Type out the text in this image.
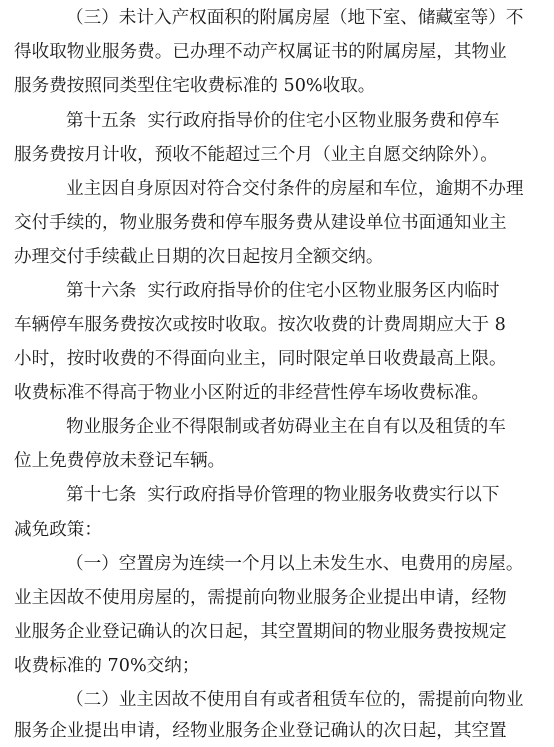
（三）未计入产权面积的附属房屋（地下室、储藏室等）不
得收取物业服务费。已办理不动产权属证书的附属房屋，其物业
服务费按照同类型住宅收费标准的 50%收取。
第十五条  实行政府指导价的住宅小区物业服务费和停车
服务费按月计收，预收不能超过三个月（业主自愿交纳除外）。
业主因自身原因对符合交付条件的房屋和车位，逾期不办理
交付手续的，物业服务费和停车服务费从建设单位书面通知业主
办理交付手续截止日期的次日起按月全额交纳。
第十六条  实行政府指导价的住宅小区物业服务区内临时
车辆停车服务费按次或按时收取。按次收费的计费周期应大于 8
小时，按时收费的不得面向业主，同时限定单日收费最高上限。
收费标准不得高于物业小区附近的非经营性停车场收费标准。
物业服务企业不得限制或者妨碍业主在自有以及租赁的车
位上免费停放未登记车辆。
第十七条  实行政府指导价管理的物业服务收费实行以下
减免政策：
（一）空置房为连续一个月以上未发生水、电费用的房屋。
业主因故不使用房屋的，需提前向物业服务企业提出申请，经物
业服务企业登记确认的次日起，其空置期间的物业服务费按规定
收费标准的 70%交纳；
（二）业主因故不使用自有或者租赁车位的，需提前向物业
服务企业提出申请，经物业服务企业登记确认的次日起，其空置
